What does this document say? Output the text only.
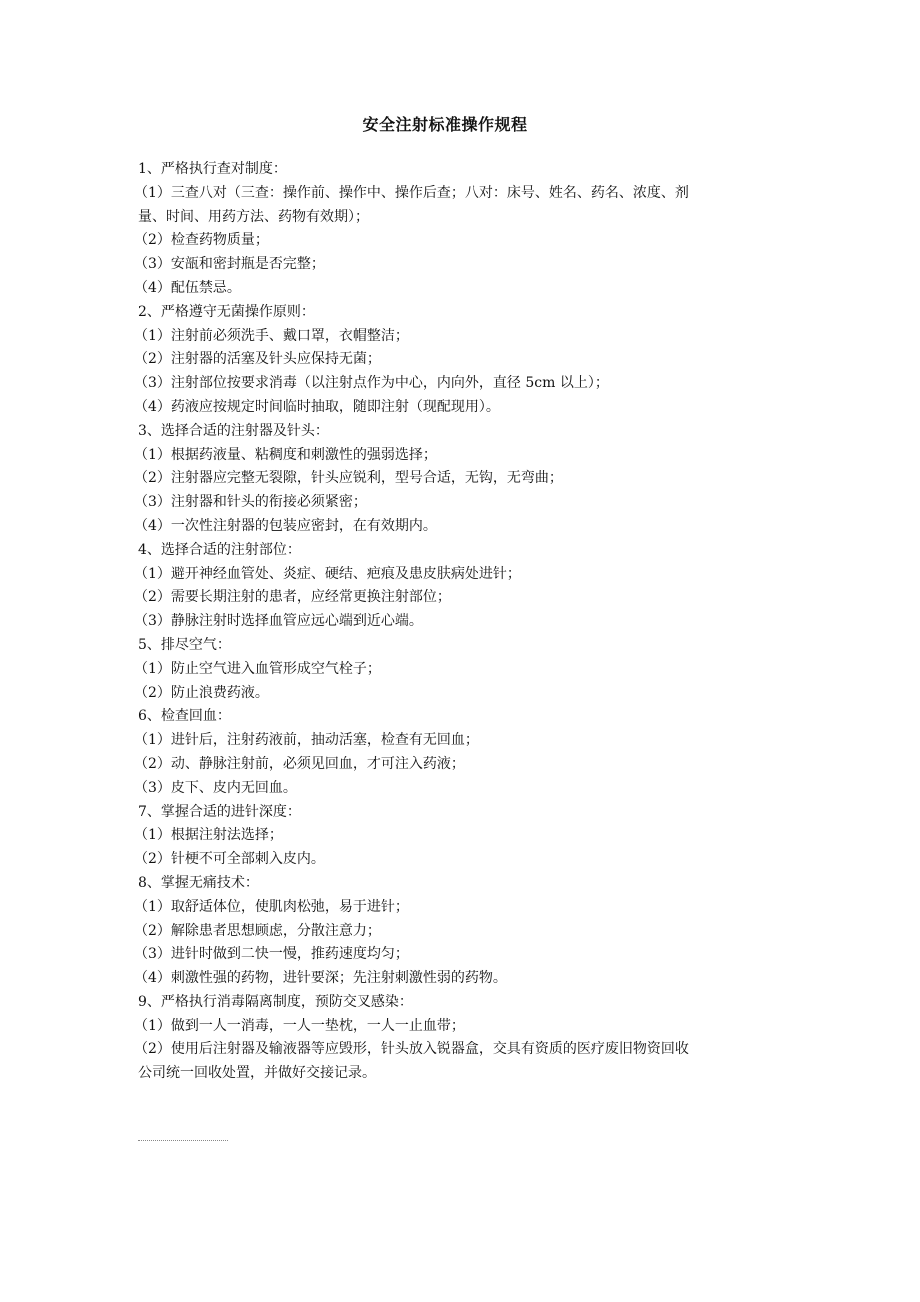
安全注射标准操作规程

1、严格执行查对制度：

（1）三查八对（三查：操作前、操作中、操作后查；八对：床号、姓名、药名、浓度、剂

量、时间、用药方法、药物有效期）；

（2）检查药物质量；

（3）安瓿和密封瓶是否完整；

（4）配伍禁忌。

2、严格遵守无菌操作原则：

（1）注射前必须洗手、戴口罩，衣帽整洁；

（2）注射器的活塞及针头应保持无菌；

（3）注射部位按要求消毒（以注射点作为中心，内向外，直径 5cm 以上）；

（4）药液应按规定时间临时抽取，随即注射（现配现用）。

3、选择合适的注射器及针头：

（1）根据药液量、粘稠度和刺激性的强弱选择；

（2）注射器应完整无裂隙，针头应锐利，型号合适，无钩，无弯曲；

（3）注射器和针头的衔接必须紧密；

（4）一次性注射器的包装应密封，在有效期内。

4、选择合适的注射部位：

（1）避开神经血管处、炎症、硬结、疤痕及患皮肤病处进针；

（2）需要长期注射的患者，应经常更换注射部位；

（3）静脉注射时选择血管应远心端到近心端。

5、排尽空气：

（1）防止空气进入血管形成空气栓子；

（2）防止浪费药液。

6、检查回血：

（1）进针后，注射药液前，抽动活塞，检查有无回血；

（2）动、静脉注射前，必须见回血，才可注入药液；

（3）皮下、皮内无回血。

7、掌握合适的进针深度：

（1）根据注射法选择；

（2）针梗不可全部刺入皮内。

8、掌握无痛技术：

（1）取舒适体位，使肌肉松弛，易于进针；

（2）解除患者思想顾虑，分散注意力；

（3）进针时做到二快一慢，推药速度均匀；

（4）刺激性强的药物，进针要深；先注射刺激性弱的药物。

9、严格执行消毒隔离制度，预防交叉感染：

（1）做到一人一消毒，一人一垫枕，一人一止血带；

（2）使用后注射器及输液器等应毁形，针头放入锐器盒，交具有资质的医疗废旧物资回收

公司统一回收处置，并做好交接记录。
